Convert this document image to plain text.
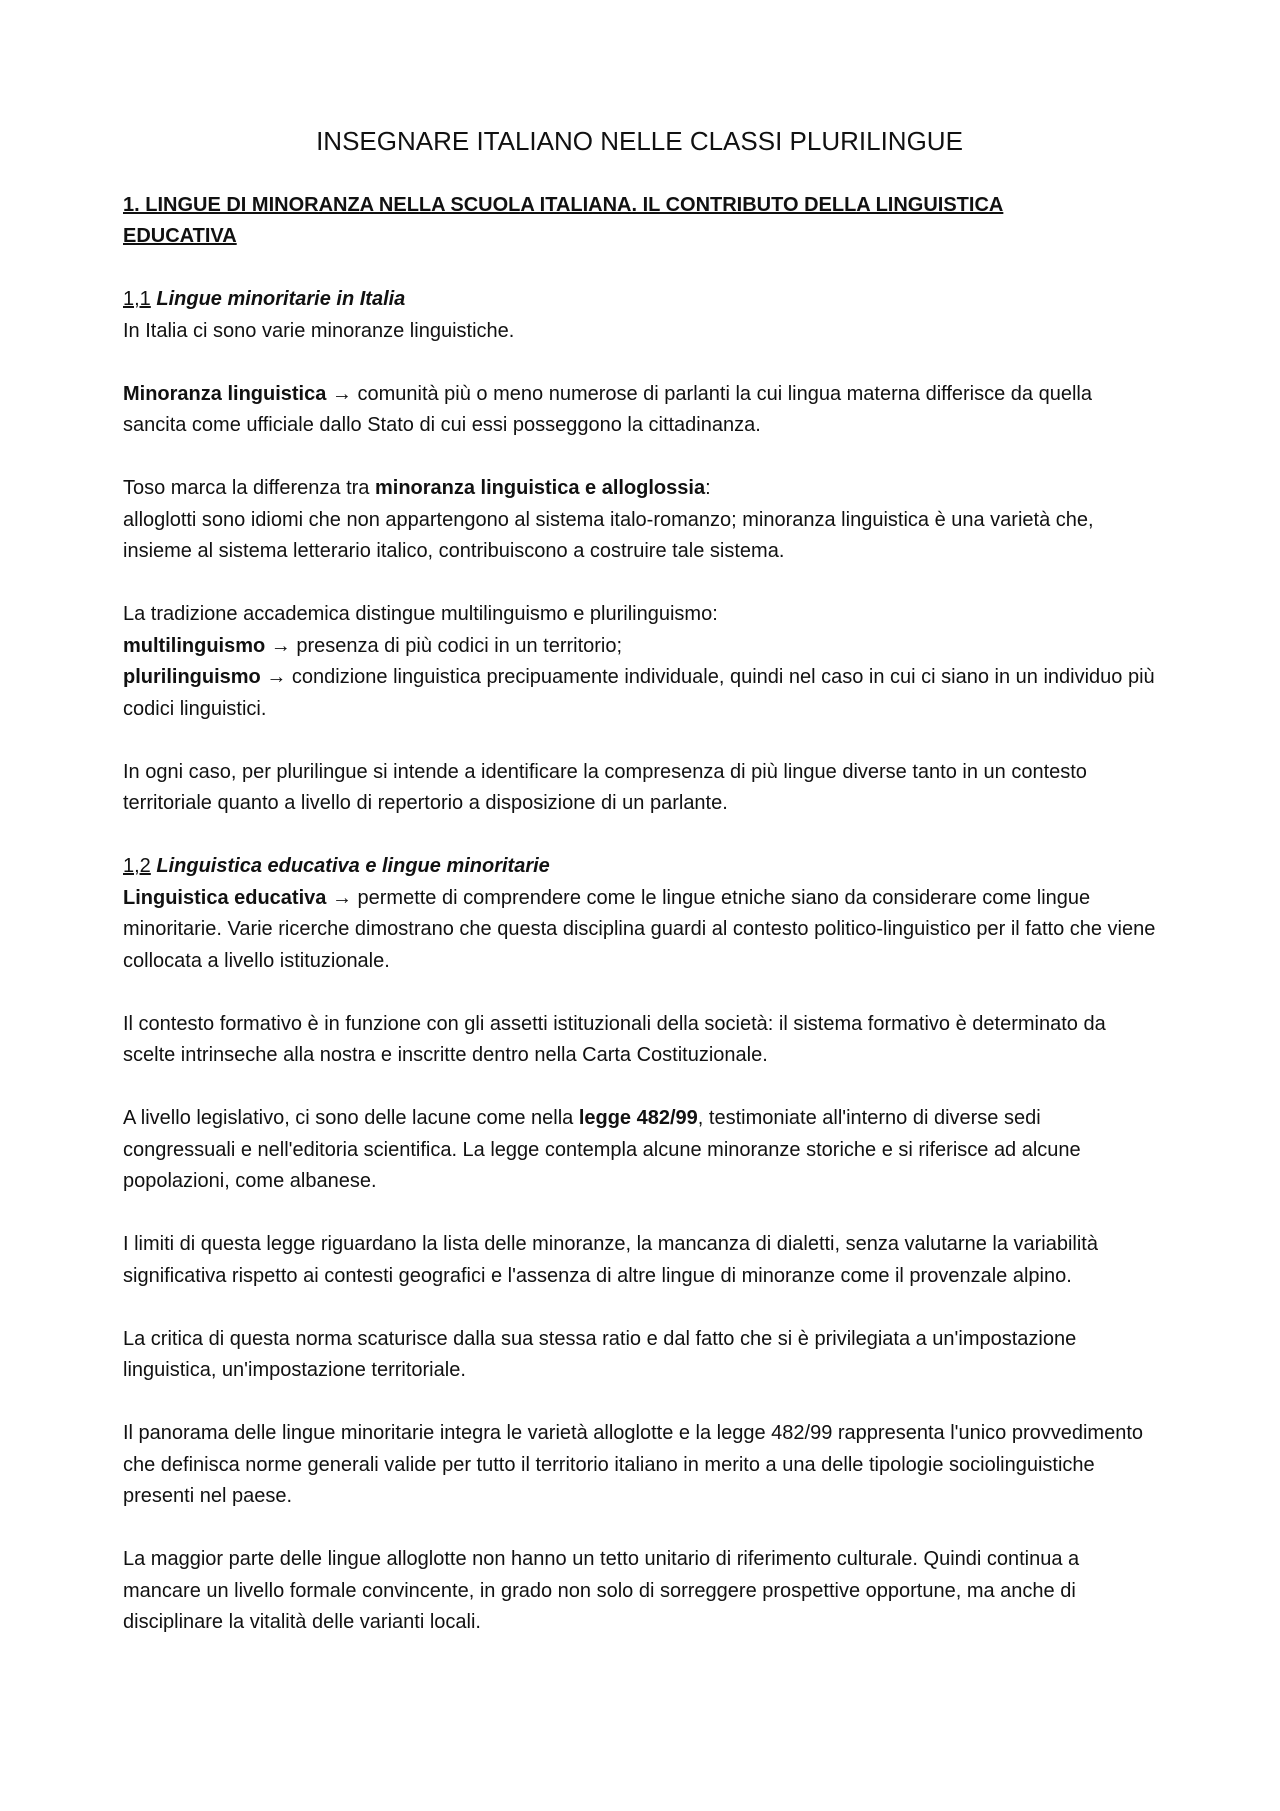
INSEGNARE ITALIANO NELLE CLASSI PLURILINGUE
1. LINGUE DI MINORANZA NELLA SCUOLA ITALIANA. IL CONTRIBUTO DELLA LINGUISTICA EDUCATIVA
1,1 Lingue minoritarie in Italia

In Italia ci sono varie minoranze linguistiche.

Minoranza linguistica → comunità più o meno numerose di parlanti la cui lingua materna differisce da quella sancita come ufficiale dallo Stato di cui essi posseggono la cittadinanza.

Toso marca la differenza tra minoranza linguistica e alloglossia:
alloglotti sono idiomi che non appartengono al sistema italo-romanzo; minoranza linguistica è una varietà che, insieme al sistema letterario italico, contribuiscono a costruire tale sistema.

La tradizione accademica distingue multilinguismo e plurilinguismo:
multilinguismo → presenza di più codici in un territorio;
plurilinguismo → condizione linguistica precipuamente individuale, quindi nel caso in cui ci siano in un individuo più codici linguistici.

In ogni caso, per plurilingue si intende a identificare la compresenza di più lingue diverse tanto in un contesto territoriale quanto a livello di repertorio a disposizione di un parlante.

1,2 Linguistica educativa e lingue minoritarie

Linguistica educativa → permette di comprendere come le lingue etniche siano da considerare come lingue minoritarie. Varie ricerche dimostrano che questa disciplina guardi al contesto politico-linguistico per il fatto che viene collocata a livello istituzionale.

Il contesto formativo è in funzione con gli assetti istituzionali della società: il sistema formativo è determinato da scelte intrinseche alla nostra e inscritte dentro nella Carta Costituzionale.

A livello legislativo, ci sono delle lacune come nella legge 482/99, testimoniate all'interno di diverse sedi congressuali e nell'editoria scientifica. La legge contempla alcune minoranze storiche e si riferisce ad alcune popolazioni, come albanese.

I limiti di questa legge riguardano la lista delle minoranze, la mancanza di dialetti, senza valutarne la variabilità significativa rispetto ai contesti geografici e l'assenza di altre lingue di minoranze come il provenzale alpino.

La critica di questa norma scaturisce dalla sua stessa ratio e dal fatto che si è privilegiata a un'impostazione linguistica, un'impostazione territoriale.

Il panorama delle lingue minoritarie integra le varietà alloglotte e la legge 482/99 rappresenta l'unico provvedimento che definisca norme generali valide per tutto il territorio italiano in merito a una delle tipologie sociolinguistiche presenti nel paese.

La maggior parte delle lingue alloglotte non hanno un tetto unitario di riferimento culturale. Quindi continua a mancare un livello formale convincente, in grado non solo di sorreggere prospettive opportune, ma anche di disciplinare la vitalità delle varianti locali.
